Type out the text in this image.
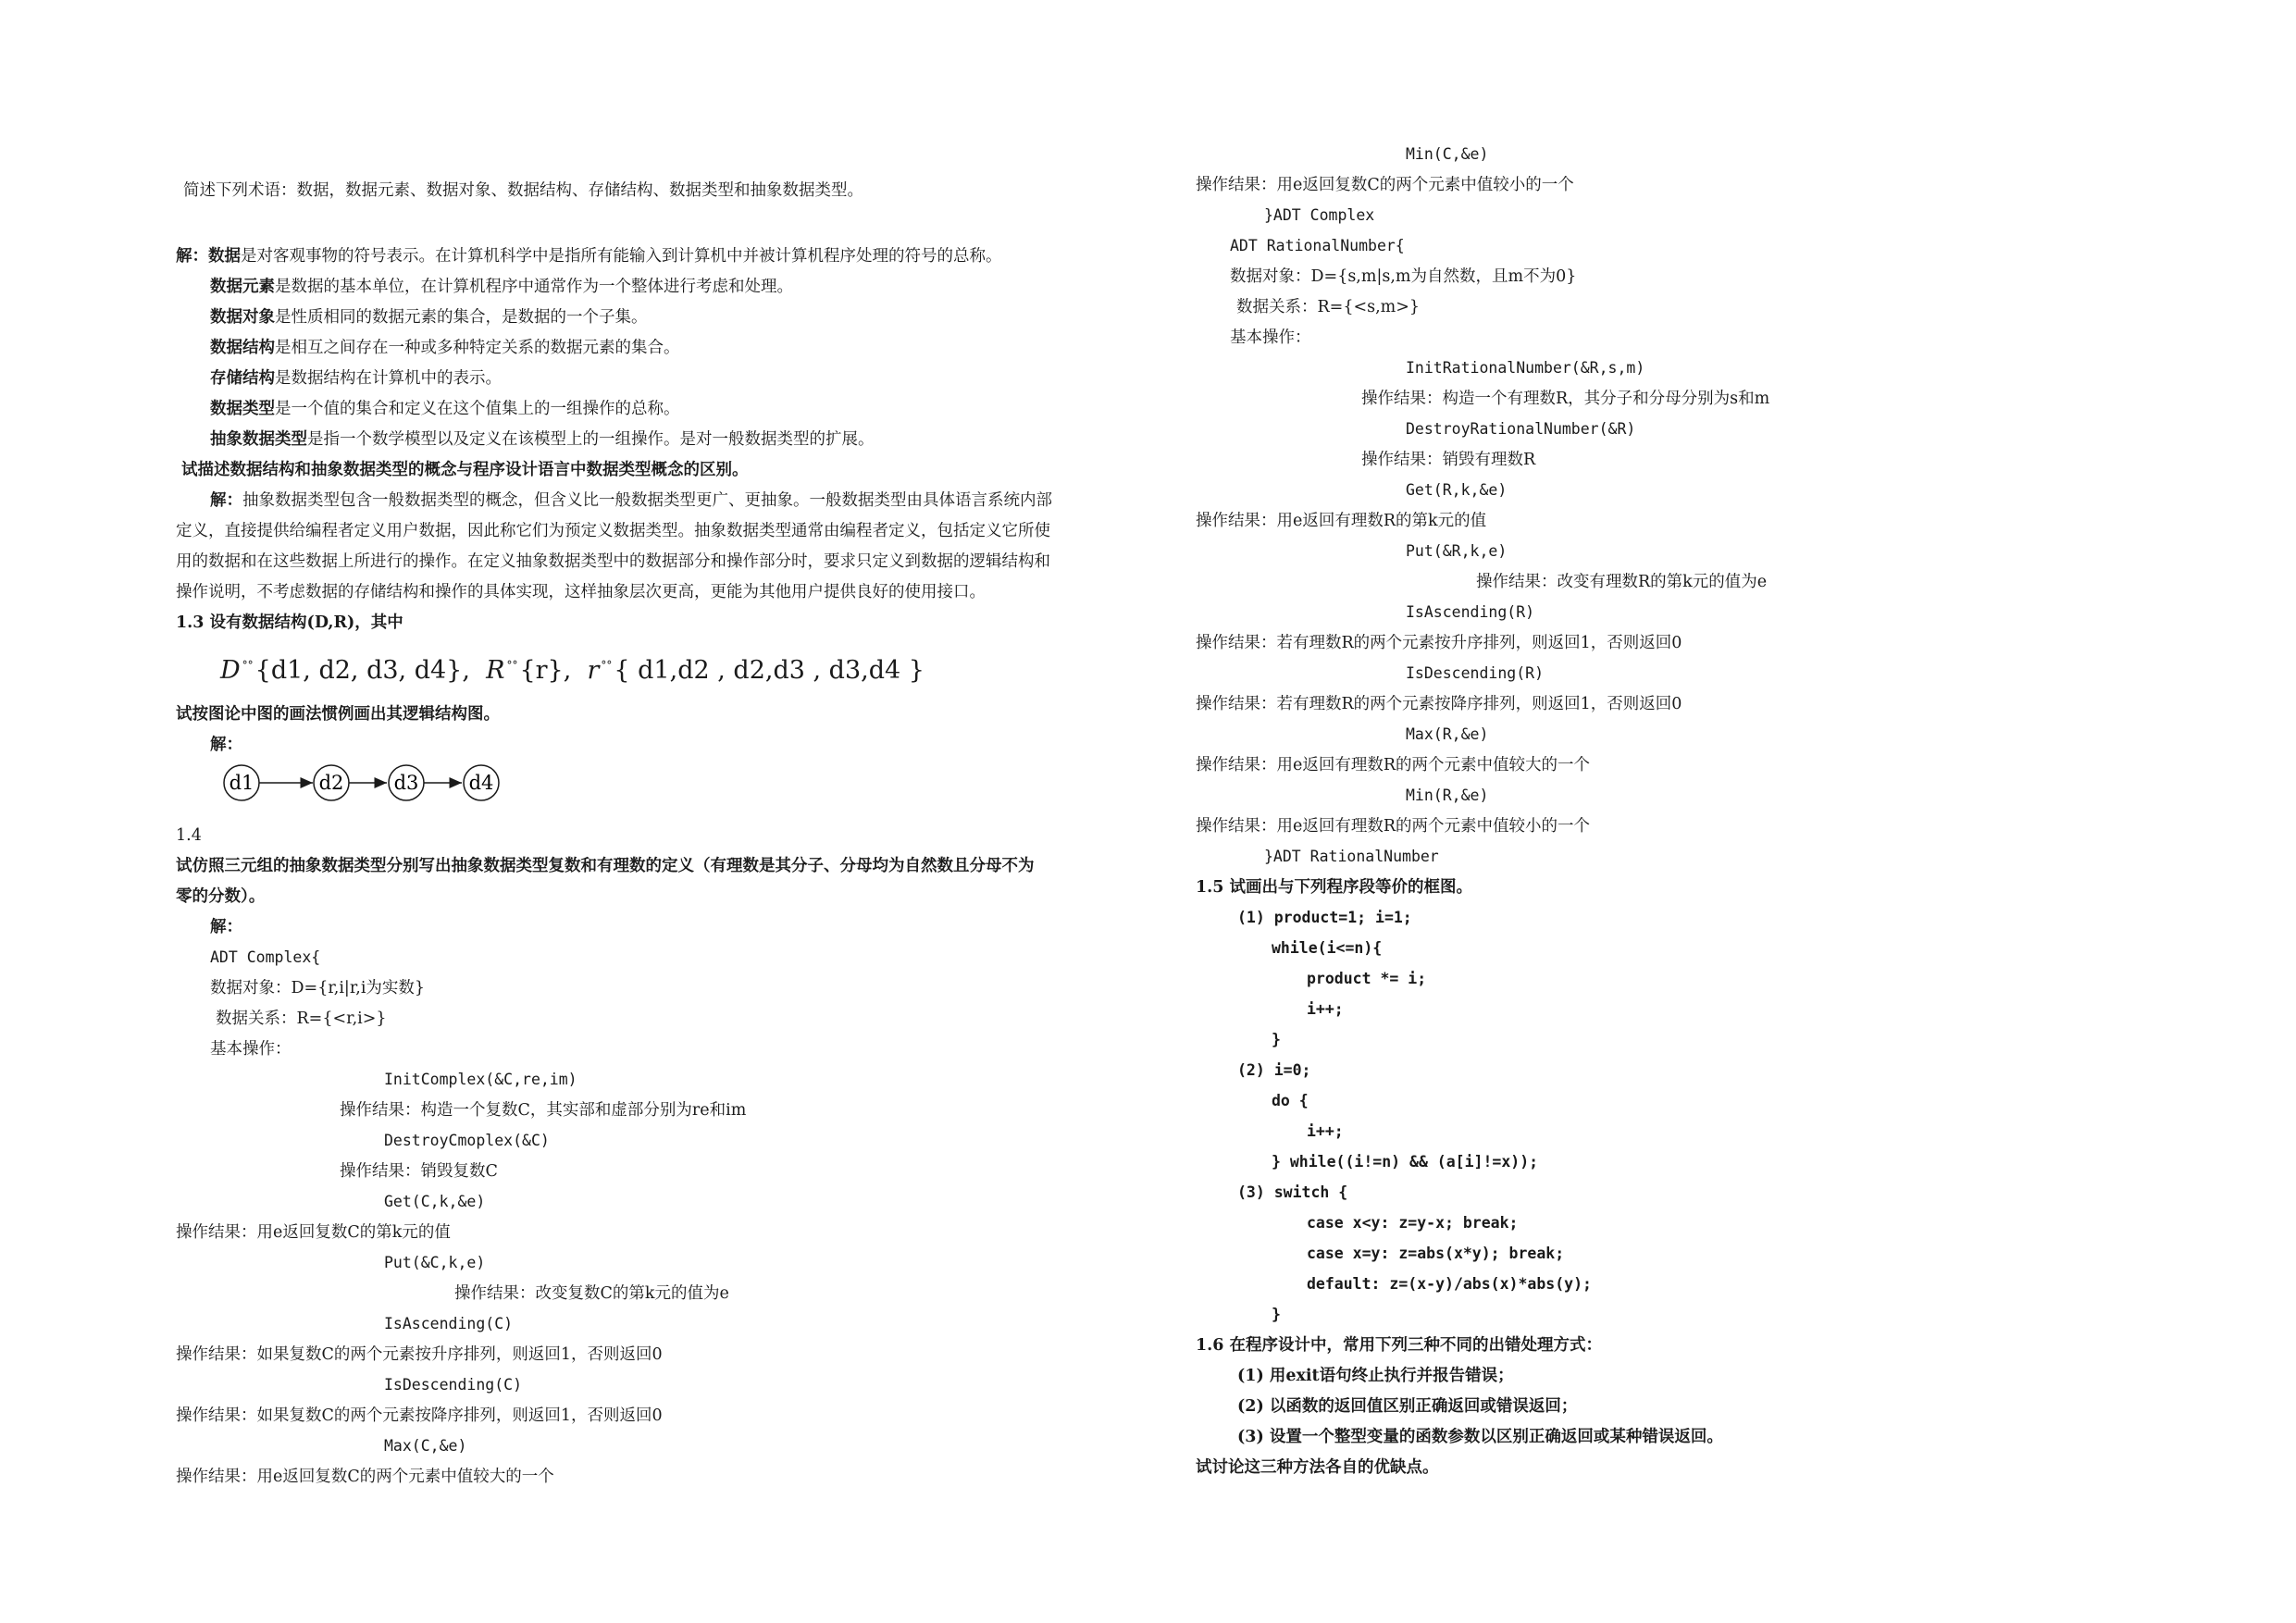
简述下列术语：数据，数据元素、数据对象、数据结构、存储结构、数据类型和抽象数据类型。
解：数据是对客观事物的符号表示。在计算机科学中是指所有能输入到计算机中并被计算机程序处理的符号的总称。
数据元素是数据的基本单位，在计算机程序中通常作为一个整体进行考虑和处理。
数据对象是性质相同的数据元素的集合，是数据的一个子集。
数据结构是相互之间存在一种或多种特定关系的数据元素的集合。
存储结构是数据结构在计算机中的表示。
数据类型是一个值的集合和定义在这个值集上的一组操作的总称。
抽象数据类型是指一个数学模型以及定义在该模型上的一组操作。是对一般数据类型的扩展。
试描述数据结构和抽象数据类型的概念与程序设计语言中数据类型概念的区别。
解：抽象数据类型包含一般数据类型的概念，但含义比一般数据类型更广、更抽象。一般数据类型由具体语言系统内部
定义，直接提供给编程者定义用户数据，因此称它们为预定义数据类型。抽象数据类型通常由编程者定义，包括定义它所使
用的数据和在这些数据上所进行的操作。在定义抽象数据类型中的数据部分和操作部分时，要求只定义到数据的逻辑结构和
操作说明，不考虑数据的存储结构和操作的具体实现，这样抽象层次更高，更能为其他用户提供良好的使用接口。
1.3 设有数据结构(D,R)，其中
D °°{d1, d2, d3, d4},  R °°{r},  r °°{ d1,d2 , d2,d3 , d3,d4 }
试按图论中图的画法惯例画出其逻辑结构图。
解：
d1	d2	d3	d4
1.4
试仿照三元组的抽象数据类型分别写出抽象数据类型复数和有理数的定义（有理数是其分子、分母均为自然数且分母不为
零的分数）。
解：
ADT Complex{
数据对象：D={r,i|r,i为实数}
数据关系：R={<r,i>}
基本操作：
InitComplex(&C,re,im)
操作结果：构造一个复数C，其实部和虚部分别为re和im
DestroyCmoplex(&C)
操作结果：销毁复数C
Get(C,k,&e)
操作结果：用e返回复数C的第k元的值
Put(&C,k,e)
操作结果：改变复数C的第k元的值为e
IsAscending(C)
操作结果：如果复数C的两个元素按升序排列，则返回1，否则返回0
IsDescending(C)
操作结果：如果复数C的两个元素按降序排列，则返回1，否则返回0
Max(C,&e)
操作结果：用e返回复数C的两个元素中值较大的一个
Min(C,&e)
操作结果：用e返回复数C的两个元素中值较小的一个
}ADT Complex
ADT RationalNumber{
数据对象：D={s,m|s,m为自然数，且m不为0}
数据关系：R={<s,m>}
基本操作：
InitRationalNumber(&R,s,m)
操作结果：构造一个有理数R，其分子和分母分别为s和m
DestroyRationalNumber(&R)
操作结果：销毁有理数R
Get(R,k,&e)
操作结果：用e返回有理数R的第k元的值
Put(&R,k,e)
操作结果：改变有理数R的第k元的值为e
IsAscending(R)
操作结果：若有理数R的两个元素按升序排列，则返回1，否则返回0
IsDescending(R)
操作结果：若有理数R的两个元素按降序排列，则返回1，否则返回0
Max(R,&e)
操作结果：用e返回有理数R的两个元素中值较大的一个
Min(R,&e)
操作结果：用e返回有理数R的两个元素中值较小的一个
}ADT RationalNumber
1.5 试画出与下列程序段等价的框图。
(1) product=1; i=1;
while(i<=n){
product *= i;
i++;
}
(2) i=0;
do {
i++;
} while((i!=n) && (a[i]!=x));
(3) switch {
case x<y: z=y-x; break;
case x=y: z=abs(x*y); break;
default: z=(x-y)/abs(x)*abs(y);
}
1.6 在程序设计中，常用下列三种不同的出错处理方式：
(1) 用exit语句终止执行并报告错误；
(2) 以函数的返回值区别正确返回或错误返回；
(3) 设置一个整型变量的函数参数以区别正确返回或某种错误返回。
试讨论这三种方法各自的优缺点。
